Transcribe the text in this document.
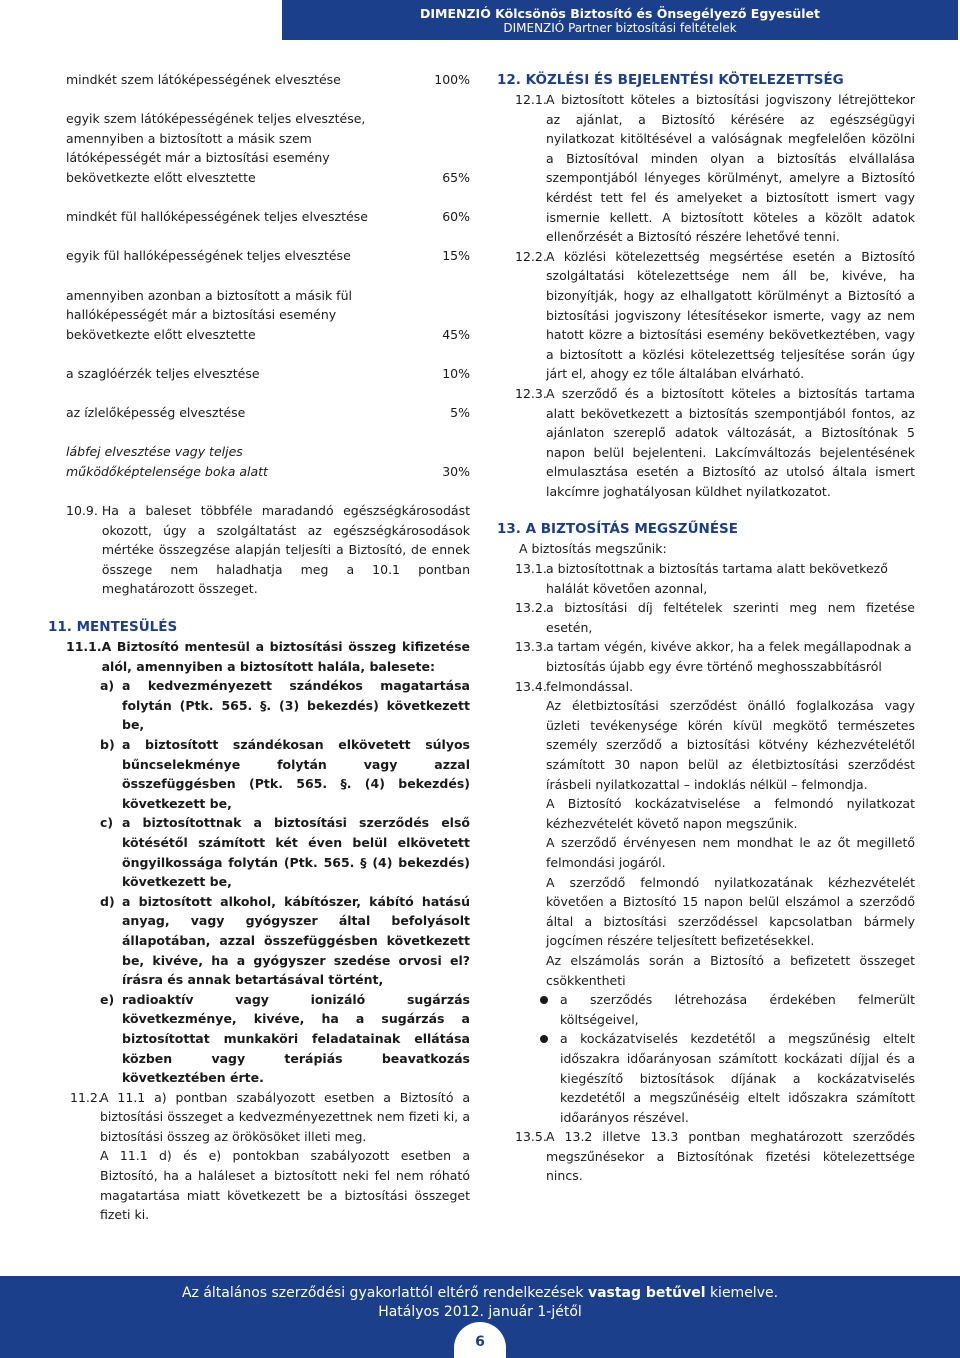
DIMENZIÓ Kölcsönös Biztosító és Önsegélyező Egyesület
DIMENZIÓ Partner biztosítási feltételek
mindkét szem látóképességének elvesztése	100%
egyik szem látóképességének teljes elvesztése, amennyiben a biztosított a másik szem látóképességét már a biztosítási esemény bekövetkezte előtt elvesztette	65%
mindkét fül hallóképességének teljes elvesztése	60%
egyik fül hallóképességének teljes elvesztése	15%
amennyiben azonban a biztosított a másik fül hallóképességét már a biztosítási esemény bekövetkezte előtt elvesztette	45%
a szaglóérzék teljes elvesztése	10%
az ízlelőképesség elvesztése	5%
lábfej elvesztése vagy teljes működőképtelensége boka alatt	30%
10.9. Ha a baleset többféle maradandó egészségkárosodást okozott, úgy a szolgáltatást az egészségkárosodások mértéke összegzése alapján teljesíti a Biztosító, de ennek összege nem haladhatja meg a 10.1 pontban meghatározott összeget.
11. MENTESÜLÉS
11.1. A Biztosító mentesül a biztosítási összeg kifizetése alól, amennyiben a biztosított halála, balesete:
a) a kedvezményezett szándékos magatartása folytán (Ptk. 565. §. (3) bekezdés) következett be,
b) a biztosított szándékosan elkövetett súlyos bűncselekménye folytán vagy azzal összefüggésben (Ptk. 565. §. (4) bekezdés) következett be,
c) a biztosítottnak a biztosítási szerződés első kötésétől számított két éven belül elkövetett öngyilkossága folytán (Ptk. 565. § (4) bekezdés) következett be,
d) a biztosított alkohol, kábítószer, kábító hatású anyag, vagy gyógyszer által befolyásolt állapotában, azzal összefüggésben következett be, kivéve, ha a gyógyszer szedése orvosi el?írásra és annak betartásával történt,
e) radioaktív vagy ionizáló sugárzás következménye, kivéve, ha a sugárzás a biztosítottat munkaköri feladatainak ellátása közben vagy terápiás beavatkozás következtében érte.
11.2.
A 11.1 a) pontban szabályozott esetben a Biztosító a biztosítási összeget a kedvezményezettnek nem fizeti ki, a biztosítási összeg az örökösöket illeti meg.
A 11.1 d) és e) pontokban szabályozott esetben a Biztosító, ha a haláleset a biztosított neki fel nem róható magatartása miatt következett be a biztosítási összeget fizeti ki.
12. KÖZLÉSI ÉS BEJELENTÉSI KÖTELEZETTSÉG
12.1. A biztosított köteles a biztosítási jogviszony létrejöttekor az ajánlat, a Biztosító kérésére az egészségügyi nyilatkozat kitöltésével a valóságnak megfelelően közölni a Biztosítóval minden olyan a biztosítás elvállalása szempontjából lényeges körülményt, amelyre a Biztosító kérdést tett fel és amelyeket a biztosított ismert vagy ismernie kellett. A biztosított köteles a közölt adatok ellenőrzését a Biztosító részére lehetővé tenni.
12.2. A közlési kötelezettség megsértése esetén a Biztosító szolgáltatási kötelezettsége nem áll be, kivéve, ha bizonyítják, hogy az elhallgatott körülményt a Biztosító a biztosítási jogviszony létesítésekor ismerte, vagy az nem hatott közre a biztosítási esemény bekövetkeztében, vagy a biztosított a közlési kötelezettség teljesítése során úgy járt el, ahogy ez tőle általában elvárható.
12.3. A szerződő és a biztosított köteles a biztosítás tartama alatt bekövetkezett a biztosítás szempontjából fontos, az ajánlaton szereplő adatok változását, a Biztosítónak 5 napon belül bejelenteni. Lakcímváltozás bejelentésének elmulasztása esetén a Biztosító az utolsó általa ismert lakcímre joghatályosan küldhet nyilatkozatot.
13. A BIZTOSÍTÁS MEGSZŰNÉSE
A biztosítás megszűnik:
13.1. a biztosítottnak a biztosítás tartama alatt bekövetkező halálát követően azonnal,
13.2. a biztosítási díj feltételek szerinti meg nem fizetése esetén,
13.3. a tartam végén, kivéve akkor, ha a felek megállapodnak a biztosítás újabb egy évre történő meghosszabbításról
13.4. felmondással.
Az életbiztosítási szerződést önálló foglalkozása vagy üzleti tevékenysége körén kívül megkötő természetes személy szerződő a biztosítási kötvény kézhezvételétől számított 30 napon belül az életbiztosítási szerződést írásbeli nyilatkozattal – indoklás nélkül – felmondja.
A Biztosító kockázatviselése a felmondó nyilatkozat kézhezvételét követő napon megszűnik.
A szerződő érvényesen nem mondhat le az őt megillető felmondási jogáról.
A szerződő felmondó nyilatkozatának kézhezvételét követően a Biztosító 15 napon belül elszámol a szerződő által a biztosítási szerződéssel kapcsolatban bármely jogcímen részére teljesített befizetésekkel.
Az elszámolás során a Biztosító a befizetett összeget csökkentheti
a szerződés létrehozása érdekében felmerült költségeivel,
a kockázatviselés kezdetétől a megszűnésig eltelt időszakra időarányosan számított kockázati díjjal és a kiegészítő biztosítások díjának a kockázatviselés kezdetétől a megszűnéséig eltelt időszakra számított időarányos részével.
13.5. A 13.2 illetve 13.3 pontban meghatározott szerződés megszűnésekor a Biztosítónak fizetési kötelezettsége nincs.
Az általános szerződési gyakorlattól eltérő rendelkezések vastag betűvel kiemelve.
Hatályos 2012. január 1-jétől
6
